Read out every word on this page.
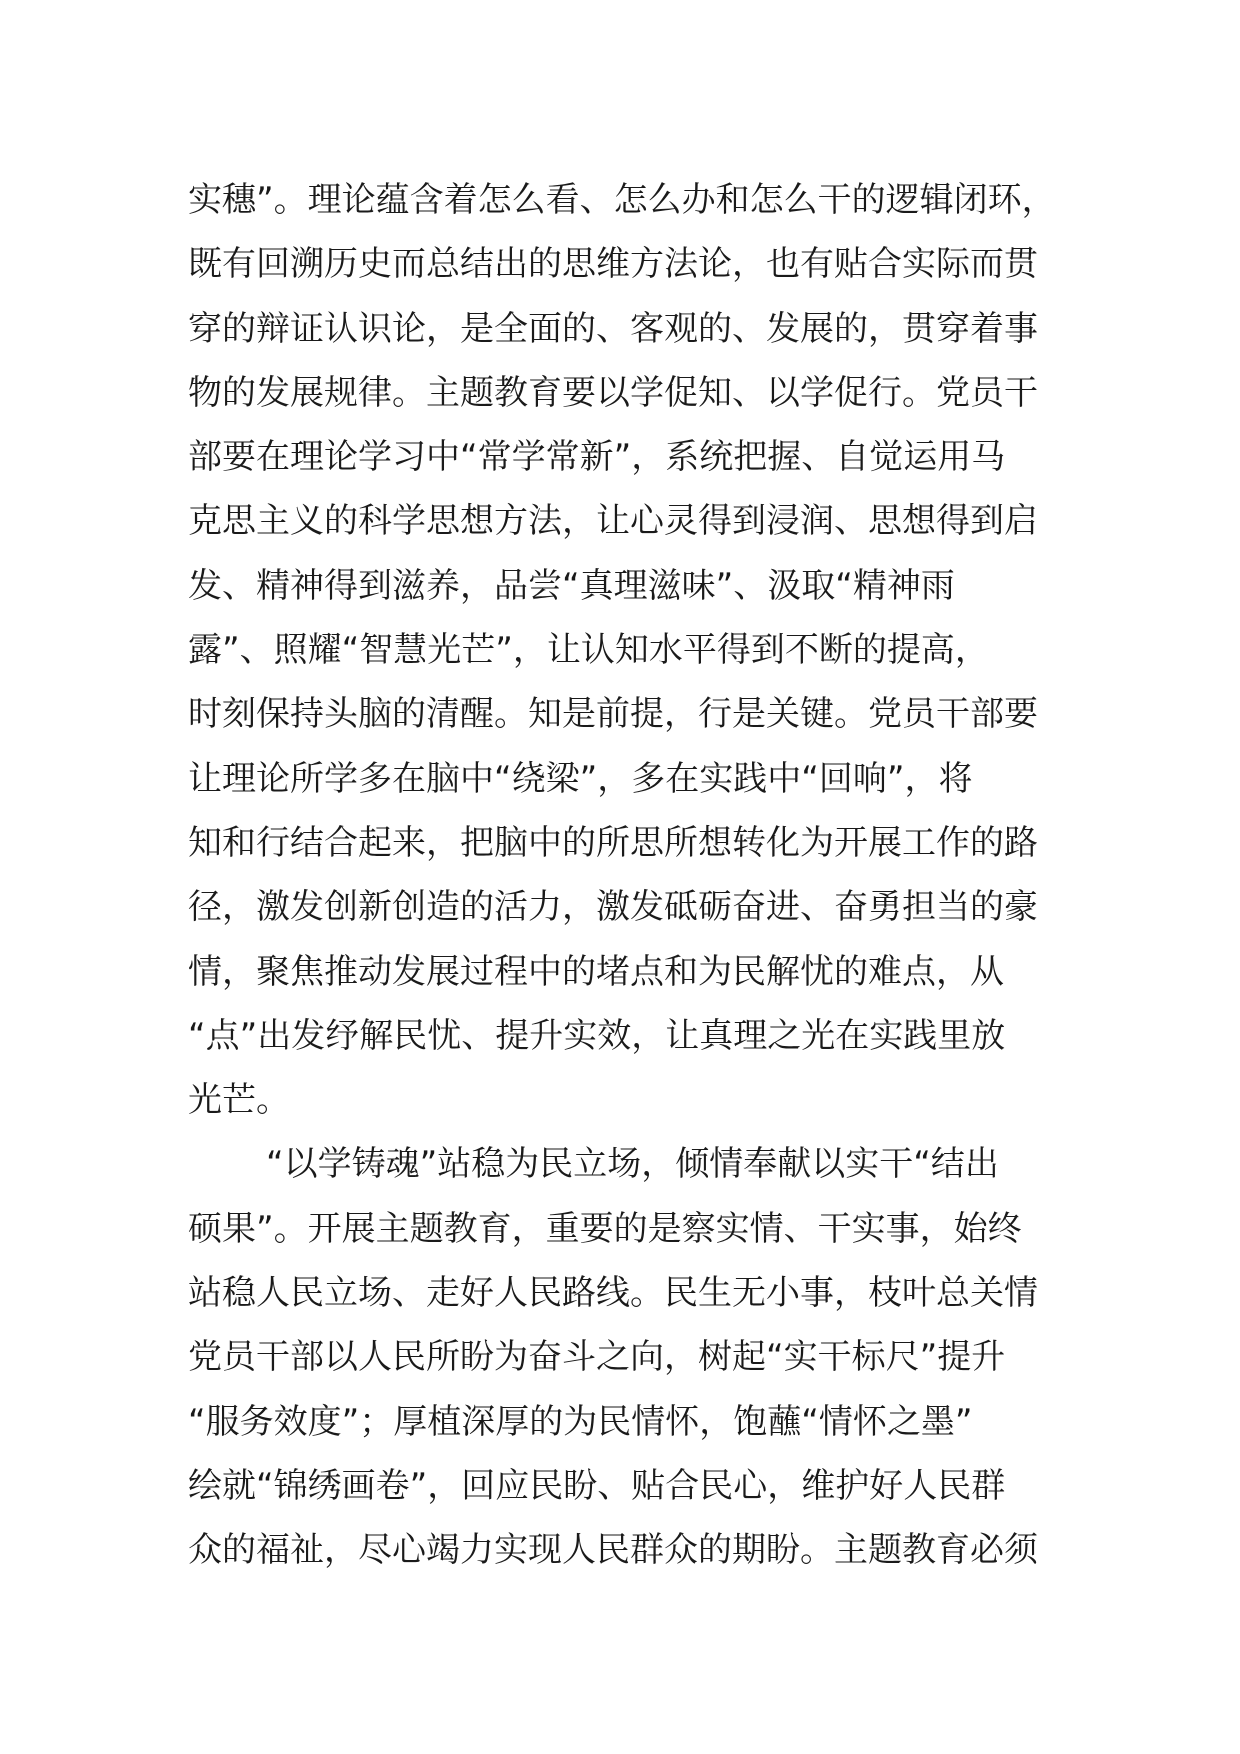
实穗”。理论蕴含着怎么看、怎么办和怎么干的逻辑闭环，
既有回溯历史而总结出的思维方法论，也有贴合实际而贯
穿的辩证认识论，是全面的、客观的、发展的，贯穿着事
物的发展规律。主题教育要以学促知、以学促行。党员干
部要在理论学习中“常学常新”，系统把握、自觉运用马
克思主义的科学思想方法，让心灵得到浸润、思想得到启
发、精神得到滋养，品尝“真理滋味”、汲取“精神雨
露”、照耀“智慧光芒”，让认知水平得到不断的提高，
时刻保持头脑的清醒。知是前提，行是关键。党员干部要
让理论所学多在脑中“绕梁”，多在实践中“回响”，将
知和行结合起来，把脑中的所思所想转化为开展工作的路
径，激发创新创造的活力，激发砥砺奋进、奋勇担当的豪
情，聚焦推动发展过程中的堵点和为民解忧的难点，从
“点”出发纾解民忧、提升实效，让真理之光在实践里放
光芒。
“以学铸魂”站稳为民立场，倾情奉献以实干“结出
硕果”。开展主题教育，重要的是察实情、干实事，始终
站稳人民立场、走好人民路线。民生无小事，枝叶总关情
党员干部以人民所盼为奋斗之向，树起“实干标尺”提升
“服务效度”；厚植深厚的为民情怀，饱蘸“情怀之墨”
绘就“锦绣画卷”，回应民盼、贴合民心，维护好人民群
众的福祉，尽心竭力实现人民群众的期盼。主题教育必须
